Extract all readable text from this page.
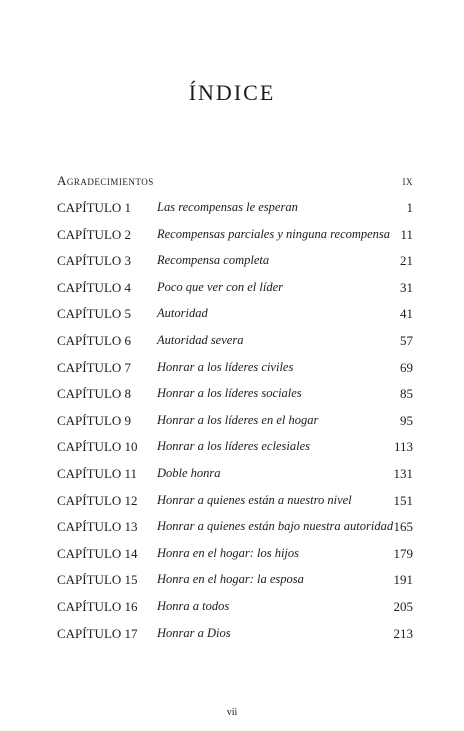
ÍNDICE
Agradecimientos	ix
CAPÍTULO 1 Las recompensas le esperan	1
CAPÍTULO 2 Recompensas parciales y ninguna recompensa 11
CAPÍTULO 3 Recompensa completa	21
CAPÍTULO 4 Poco que ver con el líder	31
CAPÍTULO 5 Autoridad	41
CAPÍTULO 6 Autoridad severa	57
CAPÍTULO 7 Honrar a los líderes civiles	69
CAPÍTULO 8 Honrar a los líderes sociales	85
CAPÍTULO 9 Honrar a los líderes en el hogar	95
CAPÍTULO 10 Honrar a los líderes eclesiales	113
CAPÍTULO 11 Doble honra	131
CAPÍTULO 12 Honrar a quienes están a nuestro nivel	151
CAPÍTULO 13 Honrar a quienes están bajo nuestra autoridad 165
CAPÍTULO 14 Honra en el hogar: los hijos	179
CAPÍTULO 15 Honra en el hogar: la esposa	191
CAPÍTULO 16 Honra a todos	205
CAPÍTULO 17 Honrar a Dios	213
vii
